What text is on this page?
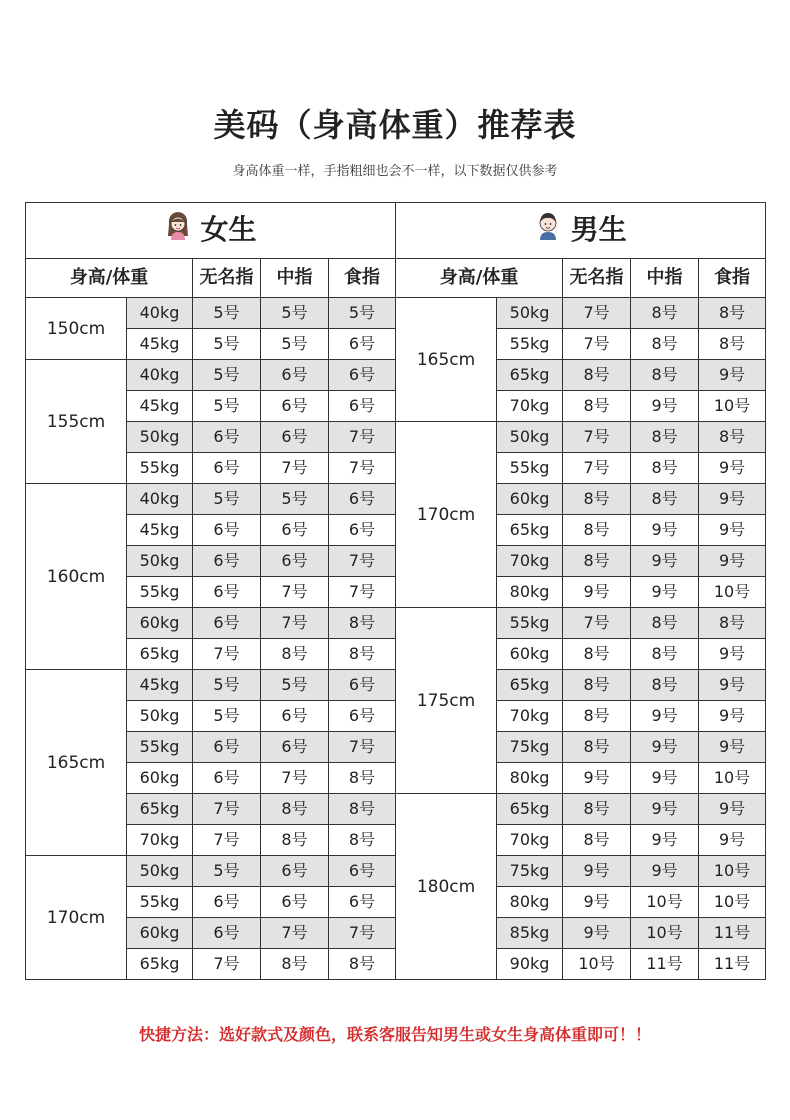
美码（身高体重）推荐表
身高体重一样，手指粗细也会不一样，以下数据仅供参考
女生					男生				
身高/体重		无名指	中指	食指	身高/体重		无名指	中指	食指
150cm	40kg	5号	5号	5号	165cm	50kg	7号	8号	8号
	45kg	5号	5号	6号		55kg	7号	8号	8号
155cm	40kg	5号	6号	6号		65kg	8号	8号	9号
	45kg	5号	6号	6号		70kg	8号	9号	10号
	50kg	6号	6号	7号	170cm	50kg	7号	8号	8号
	55kg	6号	7号	7号		55kg	7号	8号	9号
160cm	40kg	5号	5号	6号		60kg	8号	8号	9号
	45kg	6号	6号	6号		65kg	8号	9号	9号
	50kg	6号	6号	7号		70kg	8号	9号	9号
	55kg	6号	7号	7号		80kg	9号	9号	10号
	60kg	6号	7号	8号	175cm	55kg	7号	8号	8号
	65kg	7号	8号	8号		60kg	8号	8号	9号
165cm	45kg	5号	5号	6号		65kg	8号	8号	9号
	50kg	5号	6号	6号		70kg	8号	9号	9号
	55kg	6号	6号	7号		75kg	8号	9号	9号
	60kg	6号	7号	8号		80kg	9号	9号	10号
	65kg	7号	8号	8号	180cm	65kg	8号	9号	9号
	70kg	7号	8号	8号		70kg	8号	9号	9号
170cm	50kg	5号	6号	6号		75kg	9号	9号	10号
	55kg	6号	6号	6号		80kg	9号	10号	10号
	60kg	6号	7号	7号		85kg	9号	10号	11号
	65kg	7号	8号	8号		90kg	10号	11号	11号
快捷方法：选好款式及颜色，联系客服告知男生或女生身高体重即可！！
